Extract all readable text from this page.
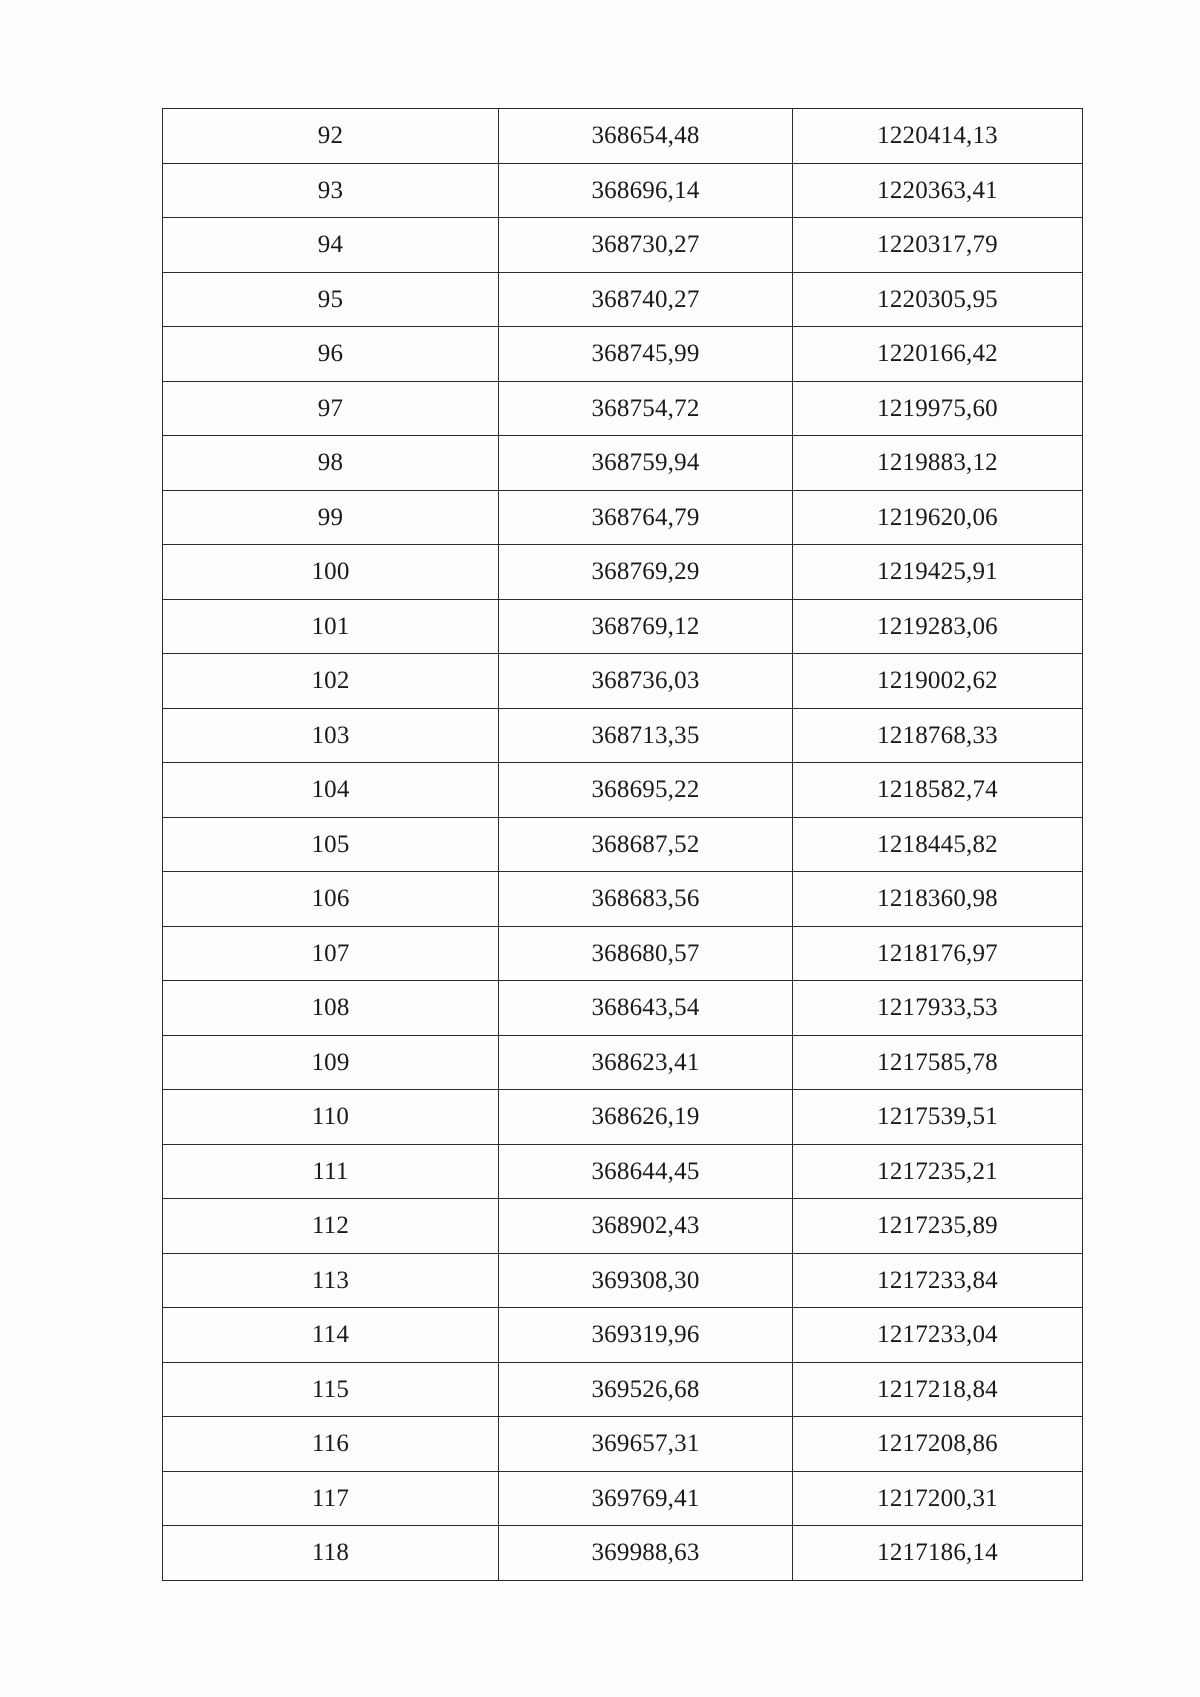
92	368654,48	1220414,13
93	368696,14	1220363,41
94	368730,27	1220317,79
95	368740,27	1220305,95
96	368745,99	1220166,42
97	368754,72	1219975,60
98	368759,94	1219883,12
99	368764,79	1219620,06
100	368769,29	1219425,91
101	368769,12	1219283,06
102	368736,03	1219002,62
103	368713,35	1218768,33
104	368695,22	1218582,74
105	368687,52	1218445,82
106	368683,56	1218360,98
107	368680,57	1218176,97
108	368643,54	1217933,53
109	368623,41	1217585,78
110	368626,19	1217539,51
111	368644,45	1217235,21
112	368902,43	1217235,89
113	369308,30	1217233,84
114	369319,96	1217233,04
115	369526,68	1217218,84
116	369657,31	1217208,86
117	369769,41	1217200,31
118	369988,63	1217186,14
